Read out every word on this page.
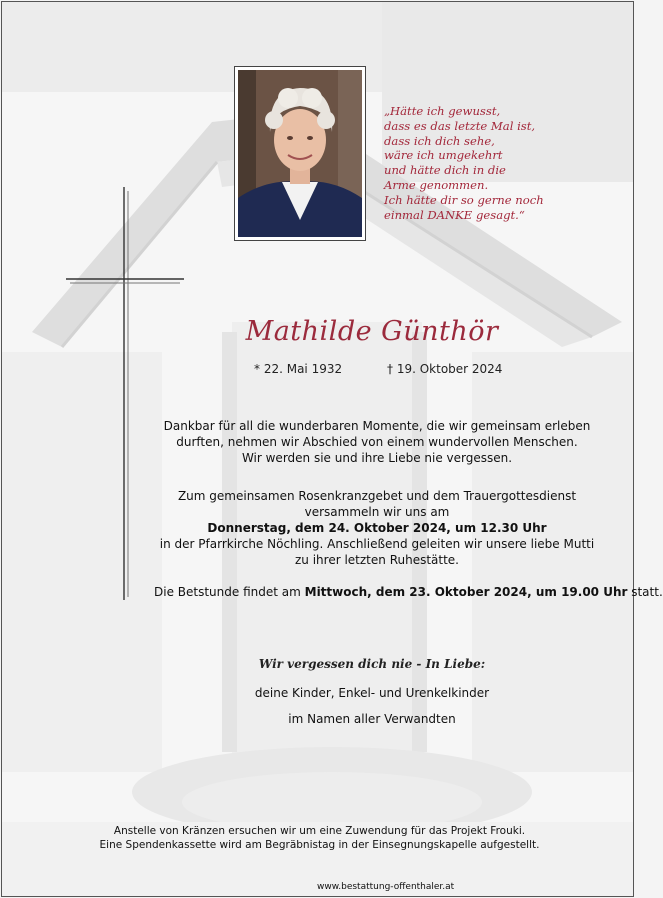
„Hätte ich gewusst,
dass es das letzte Mal ist,
dass ich dich sehe,
wäre ich umgekehrt
und hätte dich in die
Arme genommen.
Ich hätte dir so gerne noch
einmal DANKE gesagt.“
Mathilde Günthör
* 22. Mai 1932	† 19. Oktober 2024
Dankbar für all die wunderbaren Momente, die wir gemeinsam erleben
durften, nehmen wir Abschied von einem wundervollen Menschen.
Wir werden sie und ihre Liebe nie vergessen.
Zum gemeinsamen Rosenkranzgebet und dem Trauergottesdienst
versammeln wir uns am
Donnerstag, dem 24. Oktober 2024, um 12.30 Uhr
in der Pfarrkirche Nöchling. Anschließend geleiten wir unsere liebe Mutti
zu ihrer letzten Ruhestätte.
Die Betstunde findet am Mittwoch, dem 23. Oktober 2024, um 19.00 Uhr statt.
Wir vergessen dich nie - In Liebe:
deine Kinder, Enkel- und Urenkelkinder
im Namen aller Verwandten
Anstelle von Kränzen ersuchen wir um eine Zuwendung für das Projekt Frouki.
Eine Spendenkassette wird am Begräbnistag in der Einsegnungskapelle aufgestellt.
www.bestattung-offenthaler.at
